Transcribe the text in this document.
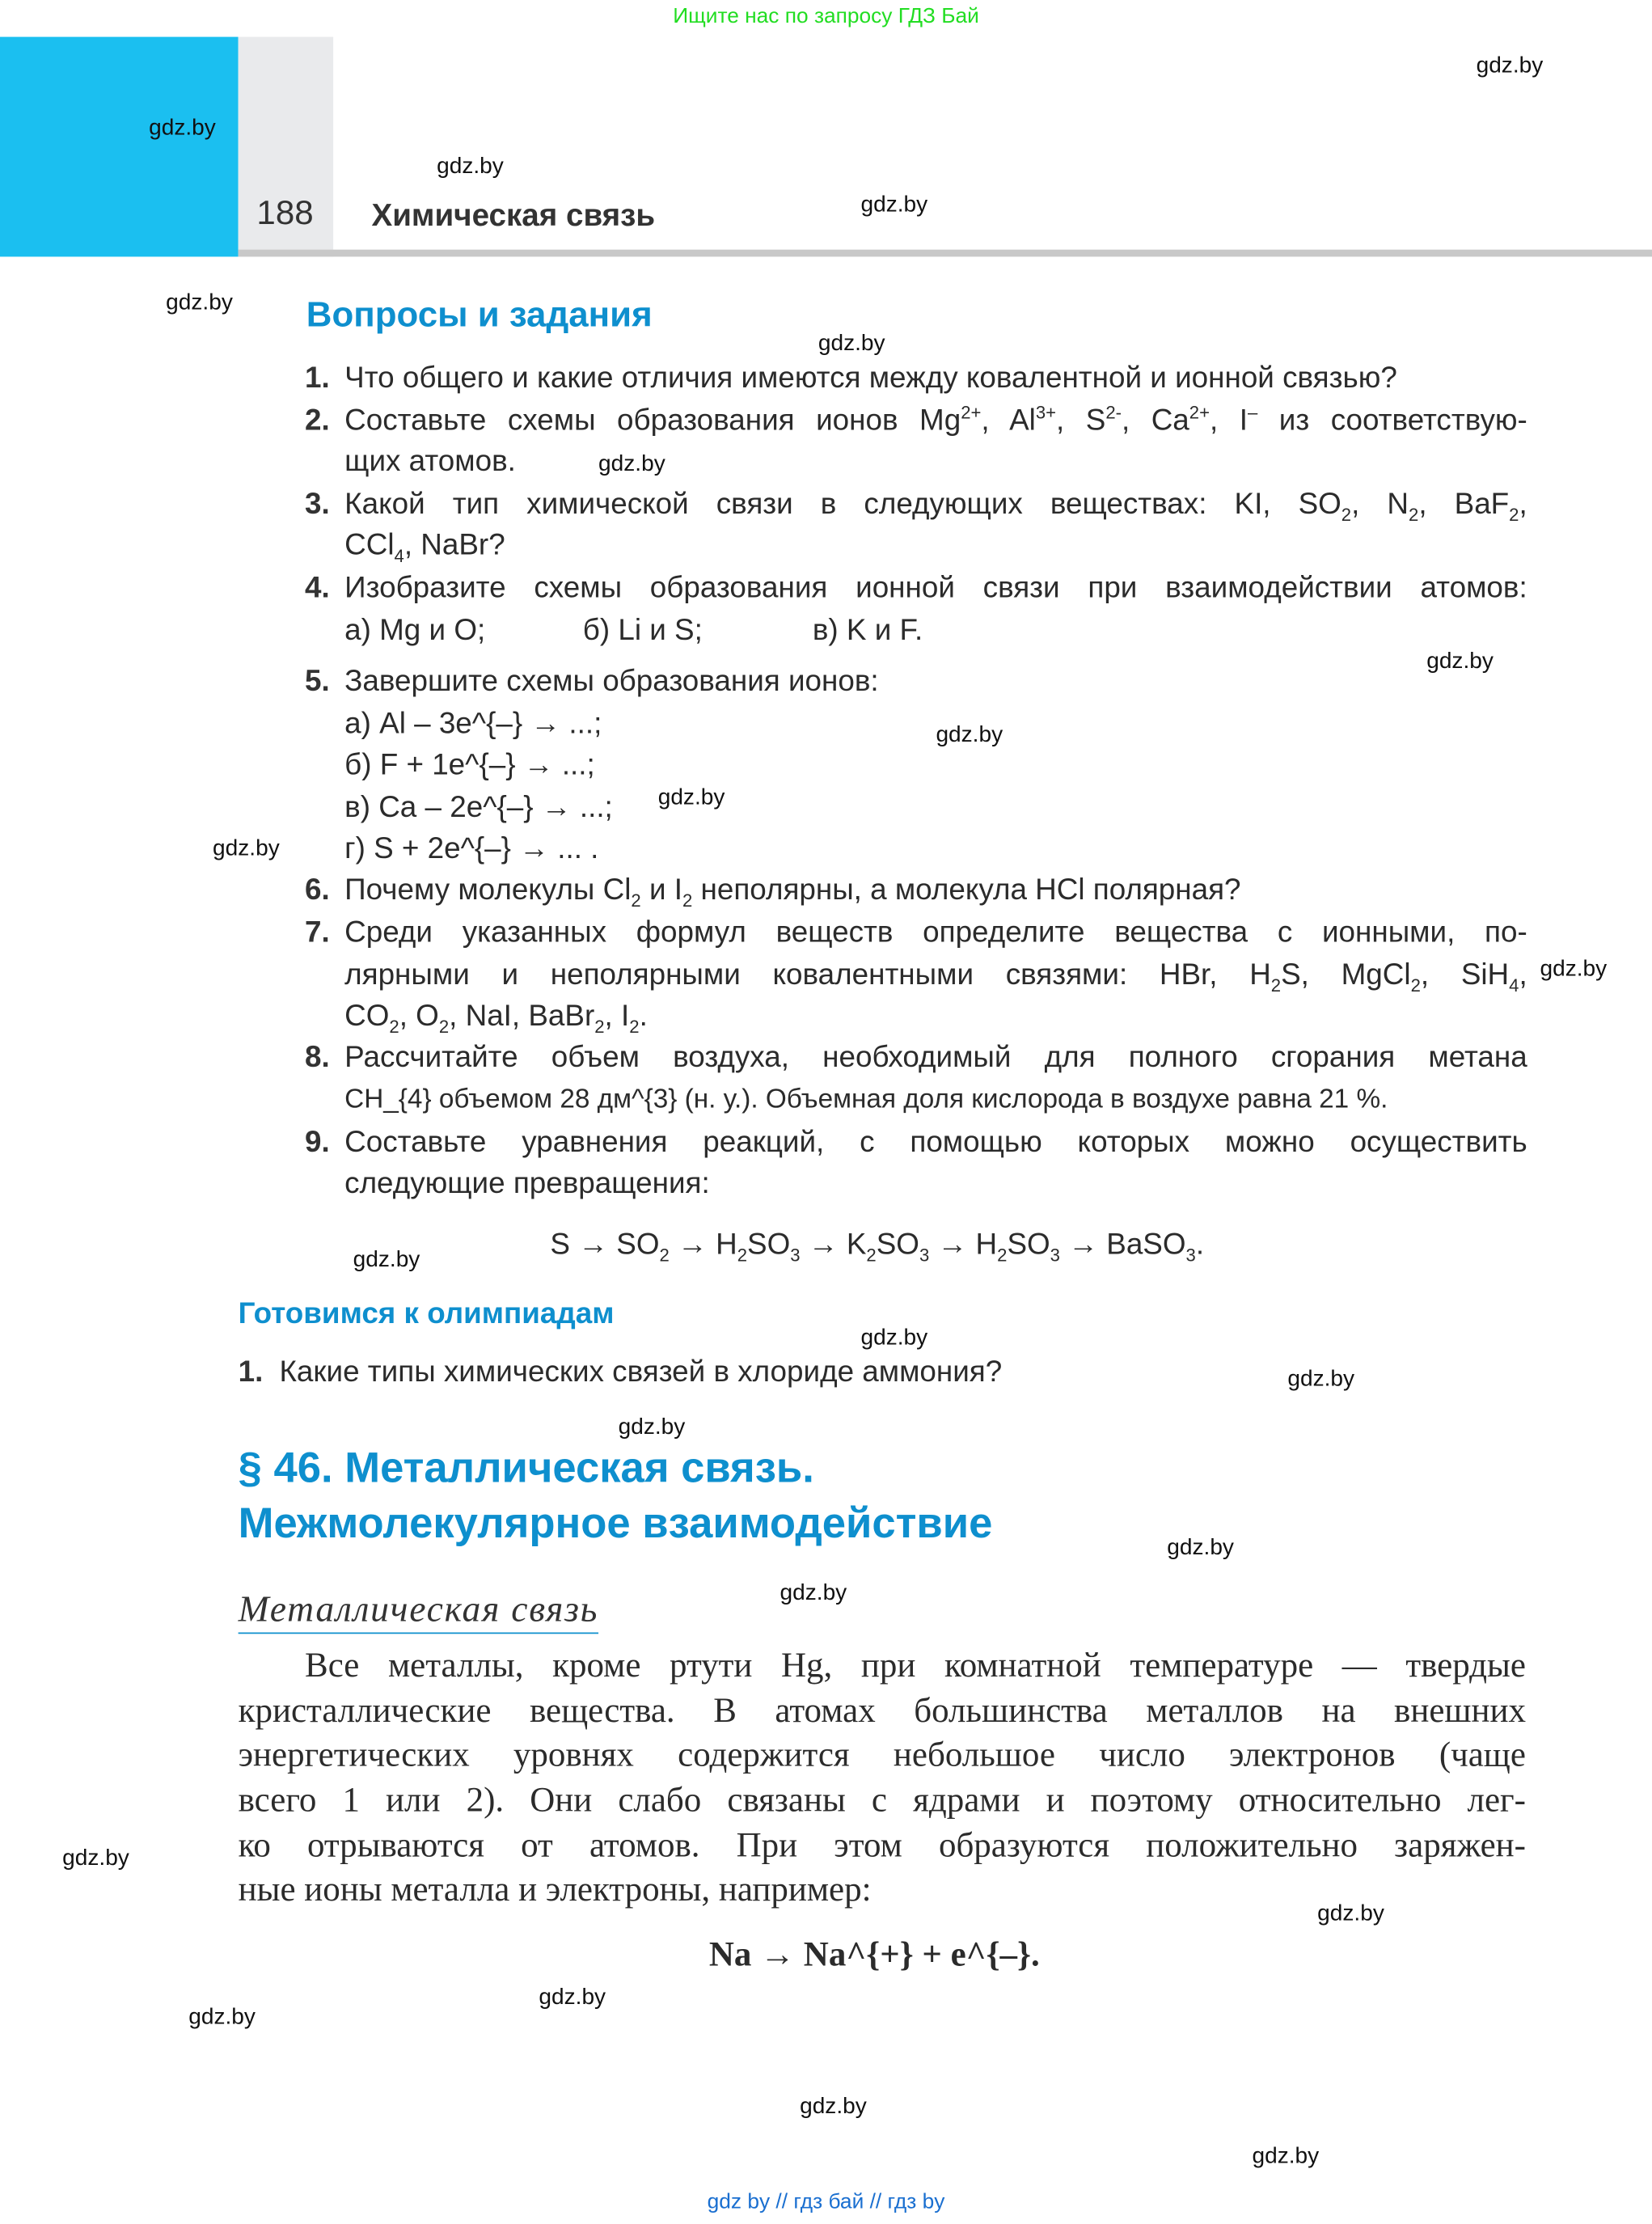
Ищите нас по запросу ГДЗ Бай
188	Химическая связь
Вопросы и задания
1. Что общего и какие отличия имеются между ковалентной и ионной связью?
2. Составьте схемы образования ионов $Mg^{2+}$, $Al^{3+}$, $S^{2-}$, $Ca^{2+}$, I– из соответствую-
щих атомов.
3. Какой тип химической связи в следующих веществах: KI, $SO_2$, $N_2$, BaF$_2$,
CCl$_4$, NaBr?
4. Изобразите схемы образования ионной связи при взаимодействии атомов:
а) Mg и O;	б) Li и S;	в) K и F.
5. Завершите схемы образования ионов:
а) Al – 3e^{–} → ...;
б) F + 1e^{–} → ...;
в) Ca – 2e^{–} → ...;
г) S + 2e^{–} → ... .
6. Почему молекулы $Cl_2$ и $I_2$ неполярны, а молекула HCl полярная?
7. Среди указанных формул веществ определите вещества с ионными, по-
лярными и неполярными ковалентными связями: HBr, $H_2S$, MgCl$_2$, SiH$_4$,
$CO_2$, $O_2$, NaI, BaBr$_2$, $I_2$.
8. Рассчитайте объем воздуха, необходимый для полного сгорания метана
CH_{4} объемом 28 дм^{3} (н. у.). Объемная доля кислорода в воздухе равна 21 %.
9. Составьте уравнения реакций, с помощью которых можно осуществить
следующие превращения:
$S \to SO_2 \to H_2SO_3 \to K_2SO_3 \to H_2SO_3$ → BaSO$_3$.
Готовимся к олимпиадам
1. Какие типы химических связей в хлориде аммония?
§ 46. Металлическая связь.
Межмолекулярное взаимодействие
Металлическая связь
Все металлы, кроме ртути Hg, при комнатной температуре — твердые
кристаллические вещества. В атомах большинства металлов на внешних
энергетических уровнях содержится небольшое число электронов (чаще
всего 1 или 2). Они слабо связаны с ядрами и поэтому относительно лег-
ко отрываются от атомов. При этом образуются положительно заряжен-
ные ионы металла и электроны, например:
Na → Na^{+} + e^{–}.
gdz.by
gdz.by
gdz.by
gdz.by
gdz.by
gdz.by
gdz.by
gdz.by
gdz.by
gdz.by
gdz.by
gdz.by
gdz.by
gdz.by
gdz.by
gdz.by
gdz.by
gdz.by
gdz.by
gdz.by
gdz.by
gdz.by
gdz.by
gdz.by
gdz by // гдз бай // гдз by
